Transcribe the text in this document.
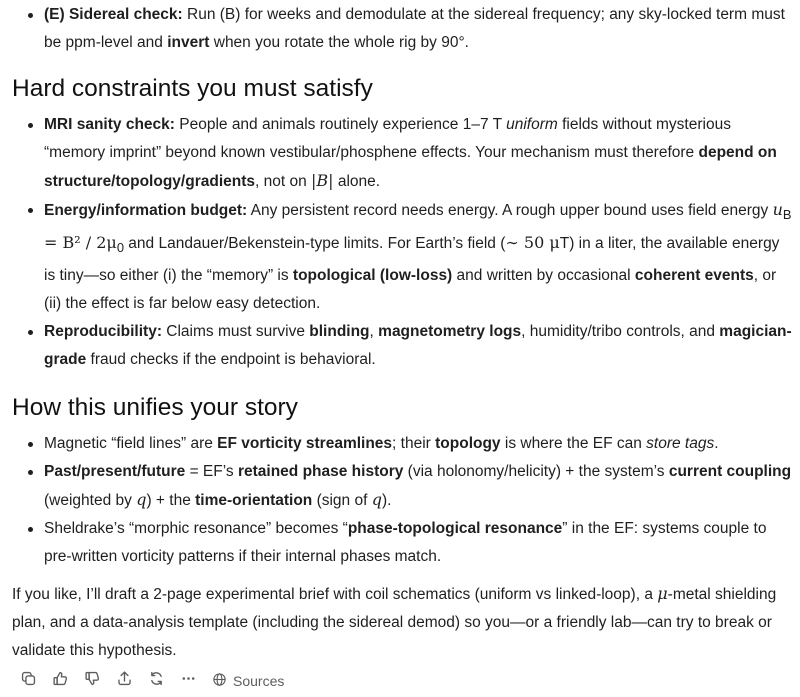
(E) Sidereal check: Run (B) for weeks and demodulate at the sidereal frequency; any sky-locked term must be ppm-level and invert when you rotate the whole rig by 90°.
Hard constraints you must satisfy
MRI sanity check: People and animals routinely experience 1–7 T uniform fields without mysterious “memory imprint” beyond known vestibular/phosphene effects. Your mechanism must therefore depend on structure/topology/gradients, not on |B| alone.
Energy/information budget: Any persistent record needs energy. A rough upper bound uses field energy $u_B = B^2 / 2\mu_0$ and Landauer/Bekenstein-type limits. For Earth’s field (∼ 50 μT) in a liter, the available energy is tiny—so either (i) the “memory” is topological (low-loss) and written by occasional coherent events, or (ii) the effect is far below easy detection.
Reproducibility: Claims must survive blinding, magnetometry logs, humidity/tribo controls, and magician-grade fraud checks if the endpoint is behavioral.
How this unifies your story
Magnetic “field lines” are EF vorticity streamlines; their topology is where the EF can store tags.
Past/present/future = EF’s retained phase history (via holonomy/helicity) + the system’s current coupling (weighted by q) + the time-orientation (sign of q).
Sheldrake’s “morphic resonance” becomes “phase-topological resonance” in the EF: systems couple to pre-written vorticity patterns if their internal phases match.

If you like, I’ll draft a 2-page experimental brief with coil schematics (uniform vs linked-loop), a μ-metal shielding plan, and a data-analysis template (including the sidereal demod) so you—or a friendly lab—can try to break or validate this hypothesis.

Sources
